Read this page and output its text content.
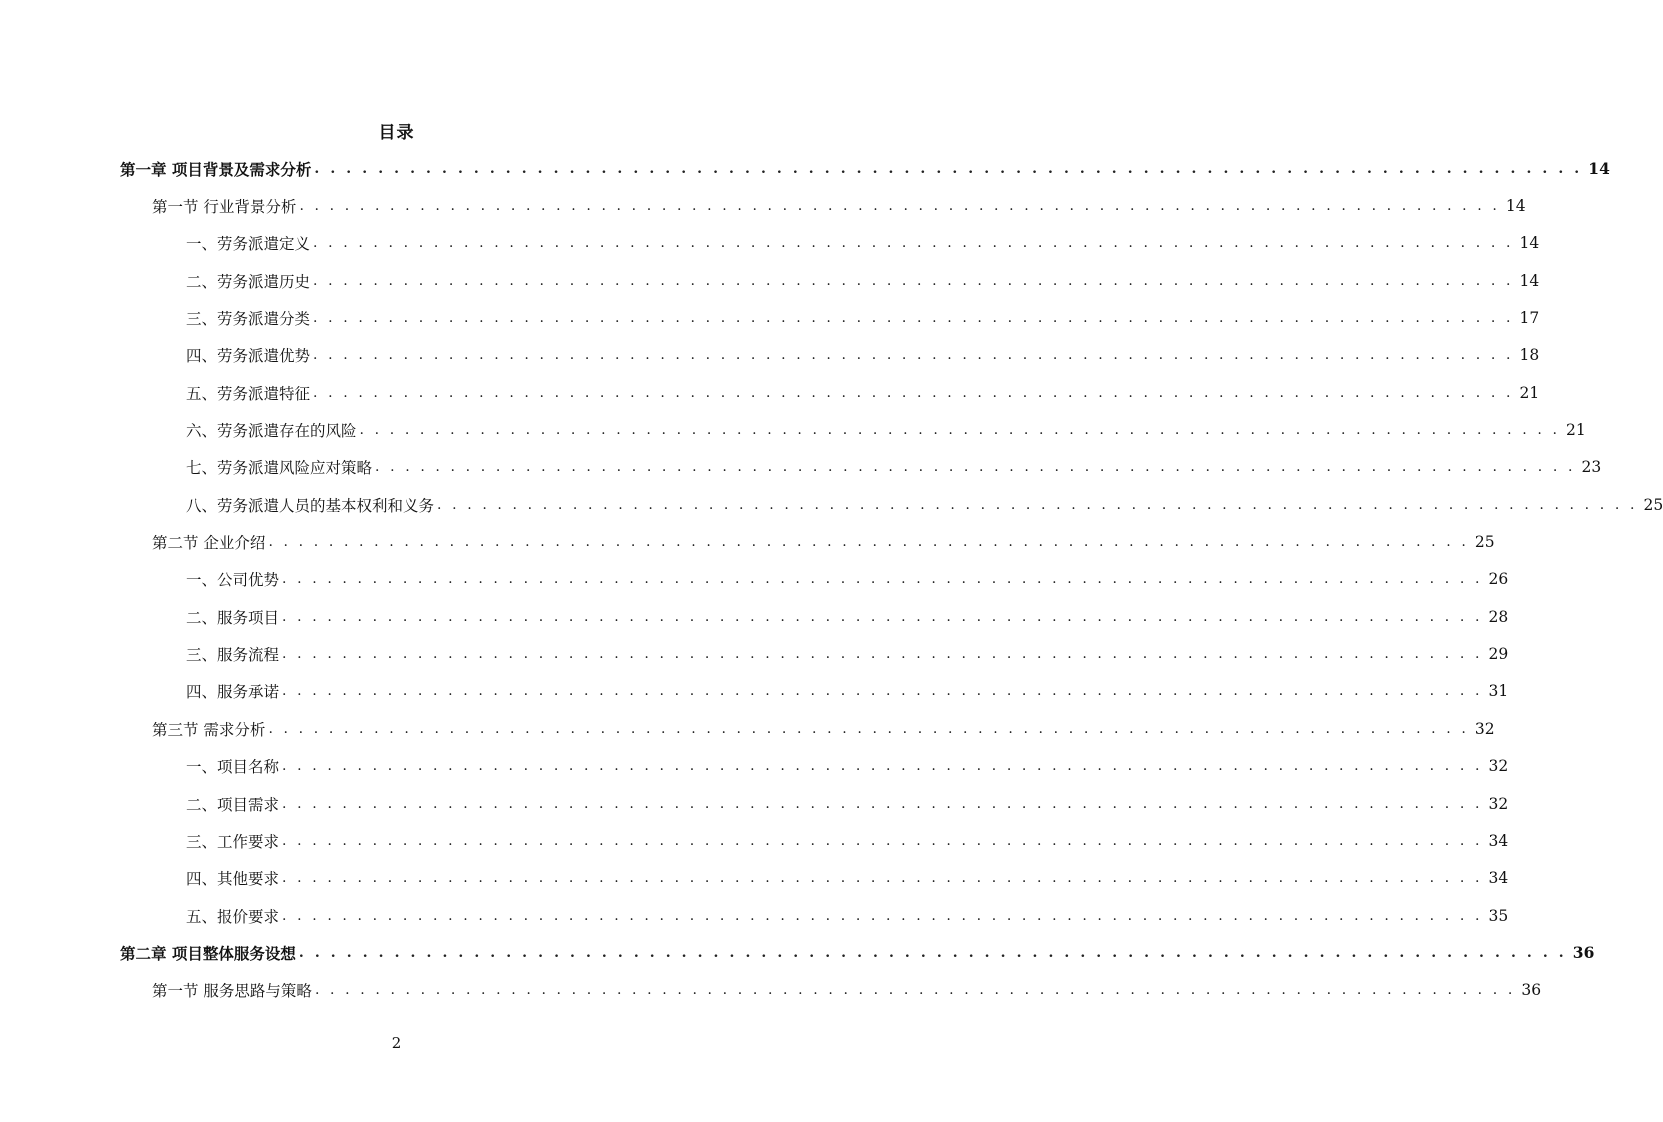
目录
第一章 项目背景及需求分析 . . . . . . . . . . . . . . . . . . . . . . . . . . . . . . . . . . . . . . . . . . . . . . . . . . . . . . . . . . . . . . . . . . . . . . . . . . . . . . . . 14
第一节 行业背景分析 . . . . . . . . . . . . . . . . . . . . . . . . . . . . . . . . . . . . . . . . . . . . . . . . . . . . . . . . . . . . . . . . . . . . . . . . . . . . . . . . 14
一、劳务派遣定义 . . . . . . . . . . . . . . . . . . . . . . . . . . . . . . . . . . . . . . . . . . . . . . . . . . . . . . . . . . . . . . . . . . . . . . . . . . . . . . . . 14
二、劳务派遣历史 . . . . . . . . . . . . . . . . . . . . . . . . . . . . . . . . . . . . . . . . . . . . . . . . . . . . . . . . . . . . . . . . . . . . . . . . . . . . . . . . 14
三、劳务派遣分类 . . . . . . . . . . . . . . . . . . . . . . . . . . . . . . . . . . . . . . . . . . . . . . . . . . . . . . . . . . . . . . . . . . . . . . . . . . . . . . . . 17
四、劳务派遣优势 . . . . . . . . . . . . . . . . . . . . . . . . . . . . . . . . . . . . . . . . . . . . . . . . . . . . . . . . . . . . . . . . . . . . . . . . . . . . . . . . 18
五、劳务派遣特征 . . . . . . . . . . . . . . . . . . . . . . . . . . . . . . . . . . . . . . . . . . . . . . . . . . . . . . . . . . . . . . . . . . . . . . . . . . . . . . . . 21
六、劳务派遣存在的风险 . . . . . . . . . . . . . . . . . . . . . . . . . . . . . . . . . . . . . . . . . . . . . . . . . . . . . . . . . . . . . . . . . . . . . . . . . . . . . . . . 21
七、劳务派遣风险应对策略 . . . . . . . . . . . . . . . . . . . . . . . . . . . . . . . . . . . . . . . . . . . . . . . . . . . . . . . . . . . . . . . . . . . . . . . . . . . . . . . . 23
八、劳务派遣人员的基本权利和义务 . . . . . . . . . . . . . . . . . . . . . . . . . . . . . . . . . . . . . . . . . . . . . . . . . . . . . . . . . . . . . . . . . . . . . . . . . . . . . . . . 25
第二节 企业介绍 . . . . . . . . . . . . . . . . . . . . . . . . . . . . . . . . . . . . . . . . . . . . . . . . . . . . . . . . . . . . . . . . . . . . . . . . . . . . . . . . 25
一、公司优势 . . . . . . . . . . . . . . . . . . . . . . . . . . . . . . . . . . . . . . . . . . . . . . . . . . . . . . . . . . . . . . . . . . . . . . . . . . . . . . . . 26
二、服务项目 . . . . . . . . . . . . . . . . . . . . . . . . . . . . . . . . . . . . . . . . . . . . . . . . . . . . . . . . . . . . . . . . . . . . . . . . . . . . . . . . 28
三、服务流程 . . . . . . . . . . . . . . . . . . . . . . . . . . . . . . . . . . . . . . . . . . . . . . . . . . . . . . . . . . . . . . . . . . . . . . . . . . . . . . . . 29
四、服务承诺 . . . . . . . . . . . . . . . . . . . . . . . . . . . . . . . . . . . . . . . . . . . . . . . . . . . . . . . . . . . . . . . . . . . . . . . . . . . . . . . . 31
第三节 需求分析 . . . . . . . . . . . . . . . . . . . . . . . . . . . . . . . . . . . . . . . . . . . . . . . . . . . . . . . . . . . . . . . . . . . . . . . . . . . . . . . . 32
一、项目名称 . . . . . . . . . . . . . . . . . . . . . . . . . . . . . . . . . . . . . . . . . . . . . . . . . . . . . . . . . . . . . . . . . . . . . . . . . . . . . . . . 32
二、项目需求 . . . . . . . . . . . . . . . . . . . . . . . . . . . . . . . . . . . . . . . . . . . . . . . . . . . . . . . . . . . . . . . . . . . . . . . . . . . . . . . . 32
三、工作要求 . . . . . . . . . . . . . . . . . . . . . . . . . . . . . . . . . . . . . . . . . . . . . . . . . . . . . . . . . . . . . . . . . . . . . . . . . . . . . . . . 34
四、其他要求 . . . . . . . . . . . . . . . . . . . . . . . . . . . . . . . . . . . . . . . . . . . . . . . . . . . . . . . . . . . . . . . . . . . . . . . . . . . . . . . . 34
五、报价要求 . . . . . . . . . . . . . . . . . . . . . . . . . . . . . . . . . . . . . . . . . . . . . . . . . . . . . . . . . . . . . . . . . . . . . . . . . . . . . . . . 35
第二章 项目整体服务设想 . . . . . . . . . . . . . . . . . . . . . . . . . . . . . . . . . . . . . . . . . . . . . . . . . . . . . . . . . . . . . . . . . . . . . . . . . . . . . . . . 36
第一节 服务思路与策略 . . . . . . . . . . . . . . . . . . . . . . . . . . . . . . . . . . . . . . . . . . . . . . . . . . . . . . . . . . . . . . . . . . . . . . . . . . . . . . . . 36
2
